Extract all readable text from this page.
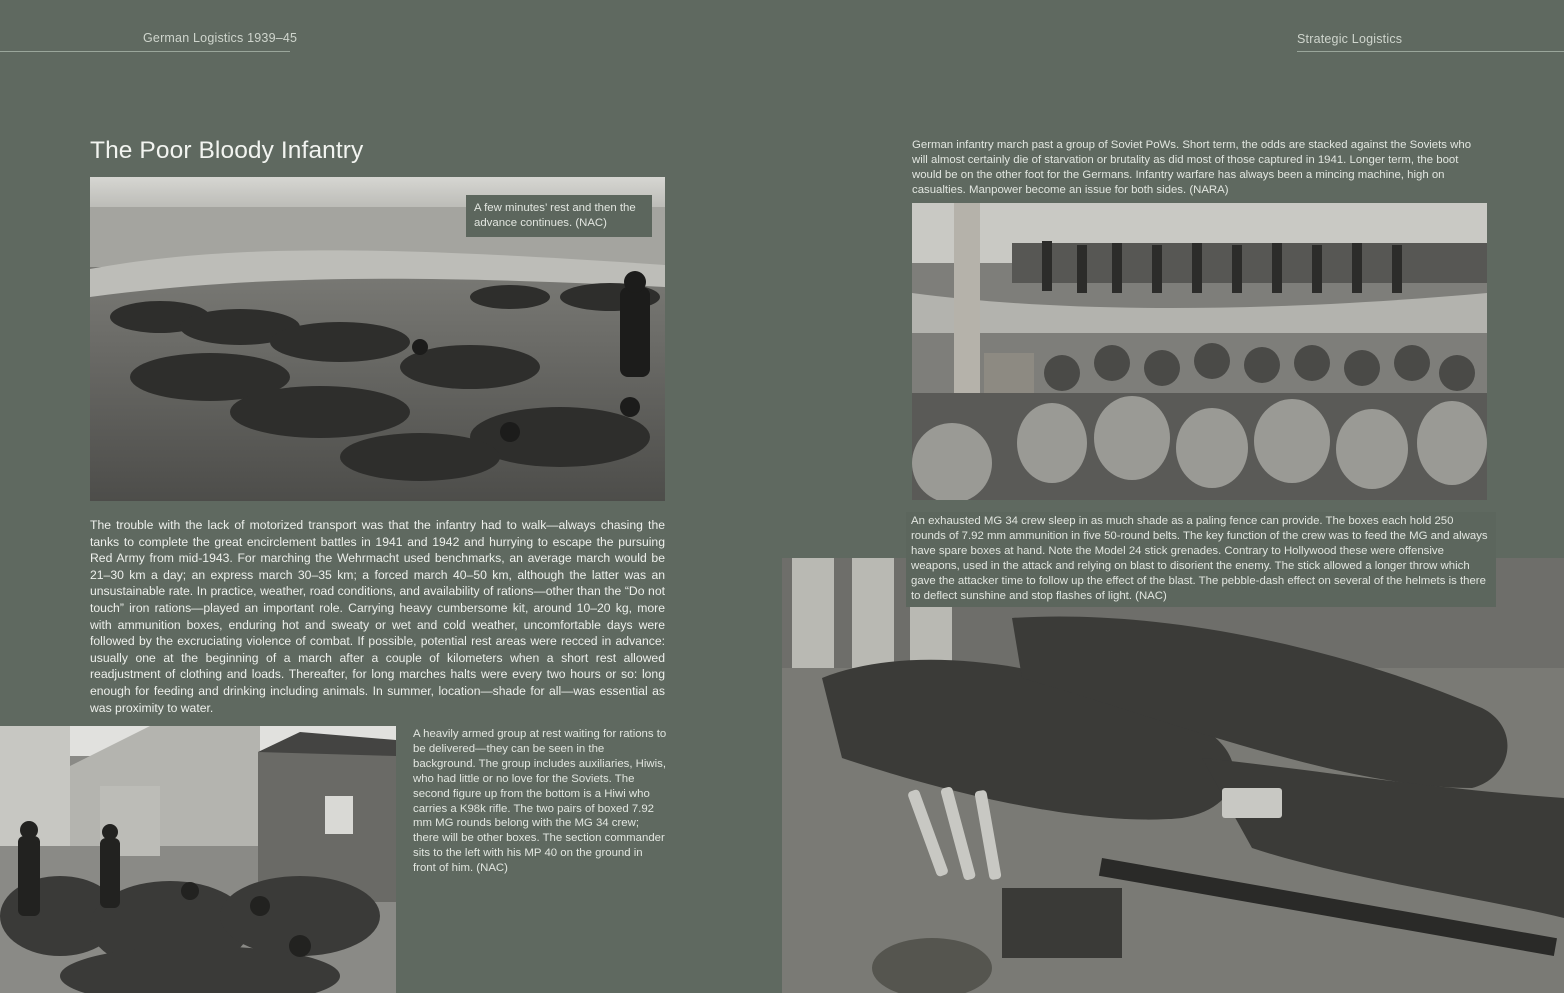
German Logistics 1939–45	Strategic Logistics
The Poor Bloody Infantry
A few minutes’ rest and then the advance continues. (NAC)
The trouble with the lack of motorized transport was that the infantry had to walk—always chasing the tanks to complete the great encirclement battles in 1941 and 1942 and hurrying to escape the pursuing Red Army from mid-1943. For marching the Wehrmacht used benchmarks, an average march would be 21–30 km a day; an express march 30–35 km; a forced march 40–50 km, although the latter was an unsustainable rate. In practice, weather, road conditions, and availability of rations—other than the “Do not touch” iron rations—played an important role. Carrying heavy cumbersome kit, around 10–20 kg, more with ammunition boxes, enduring hot and sweaty or wet and cold weather, uncomfortable days were followed by the excruciating violence of combat. If possible, potential rest areas were recced in advance: usually one at the beginning of a march after a couple of kilometers when a short rest allowed readjustment of clothing and loads. Thereafter, for long marches halts were every two hours or so: long enough for feeding and drinking including animals. In summer, location—shade for all—was essential as was proximity to water.
A heavily armed group at rest waiting for rations to be delivered—they can be seen in the background. The group includes auxiliaries, Hiwis, who had little or no love for the Soviets. The second figure up from the bottom is a Hiwi who carries a K98k rifle. The two pairs of boxed 7.92 mm MG rounds belong with the MG 34 crew; there will be other boxes. The section commander sits to the left with his MP 40 on the ground in front of him. (NAC)
German infantry march past a group of Soviet PoWs. Short term, the odds are stacked against the Soviets who will almost certainly die of starvation or brutality as did most of those captured in 1941. Longer term, the boot would be on the other foot for the Germans. Infantry warfare has always been a mincing machine, high on casualties. Manpower become an issue for both sides. (NARA)
An exhausted MG 34 crew sleep in as much shade as a paling fence can provide. The boxes each hold 250 rounds of 7.92 mm ammunition in five 50-round belts. The key function of the crew was to feed the MG and always have spare boxes at hand. Note the Model 24 stick grenades. Contrary to Hollywood these were offensive weapons, used in the attack and relying on blast to disorient the enemy. The stick allowed a longer throw which gave the attacker time to follow up the effect of the blast. The pebble-dash effect on several of the helmets is there to deflect sunshine and stop flashes of light. (NAC)
